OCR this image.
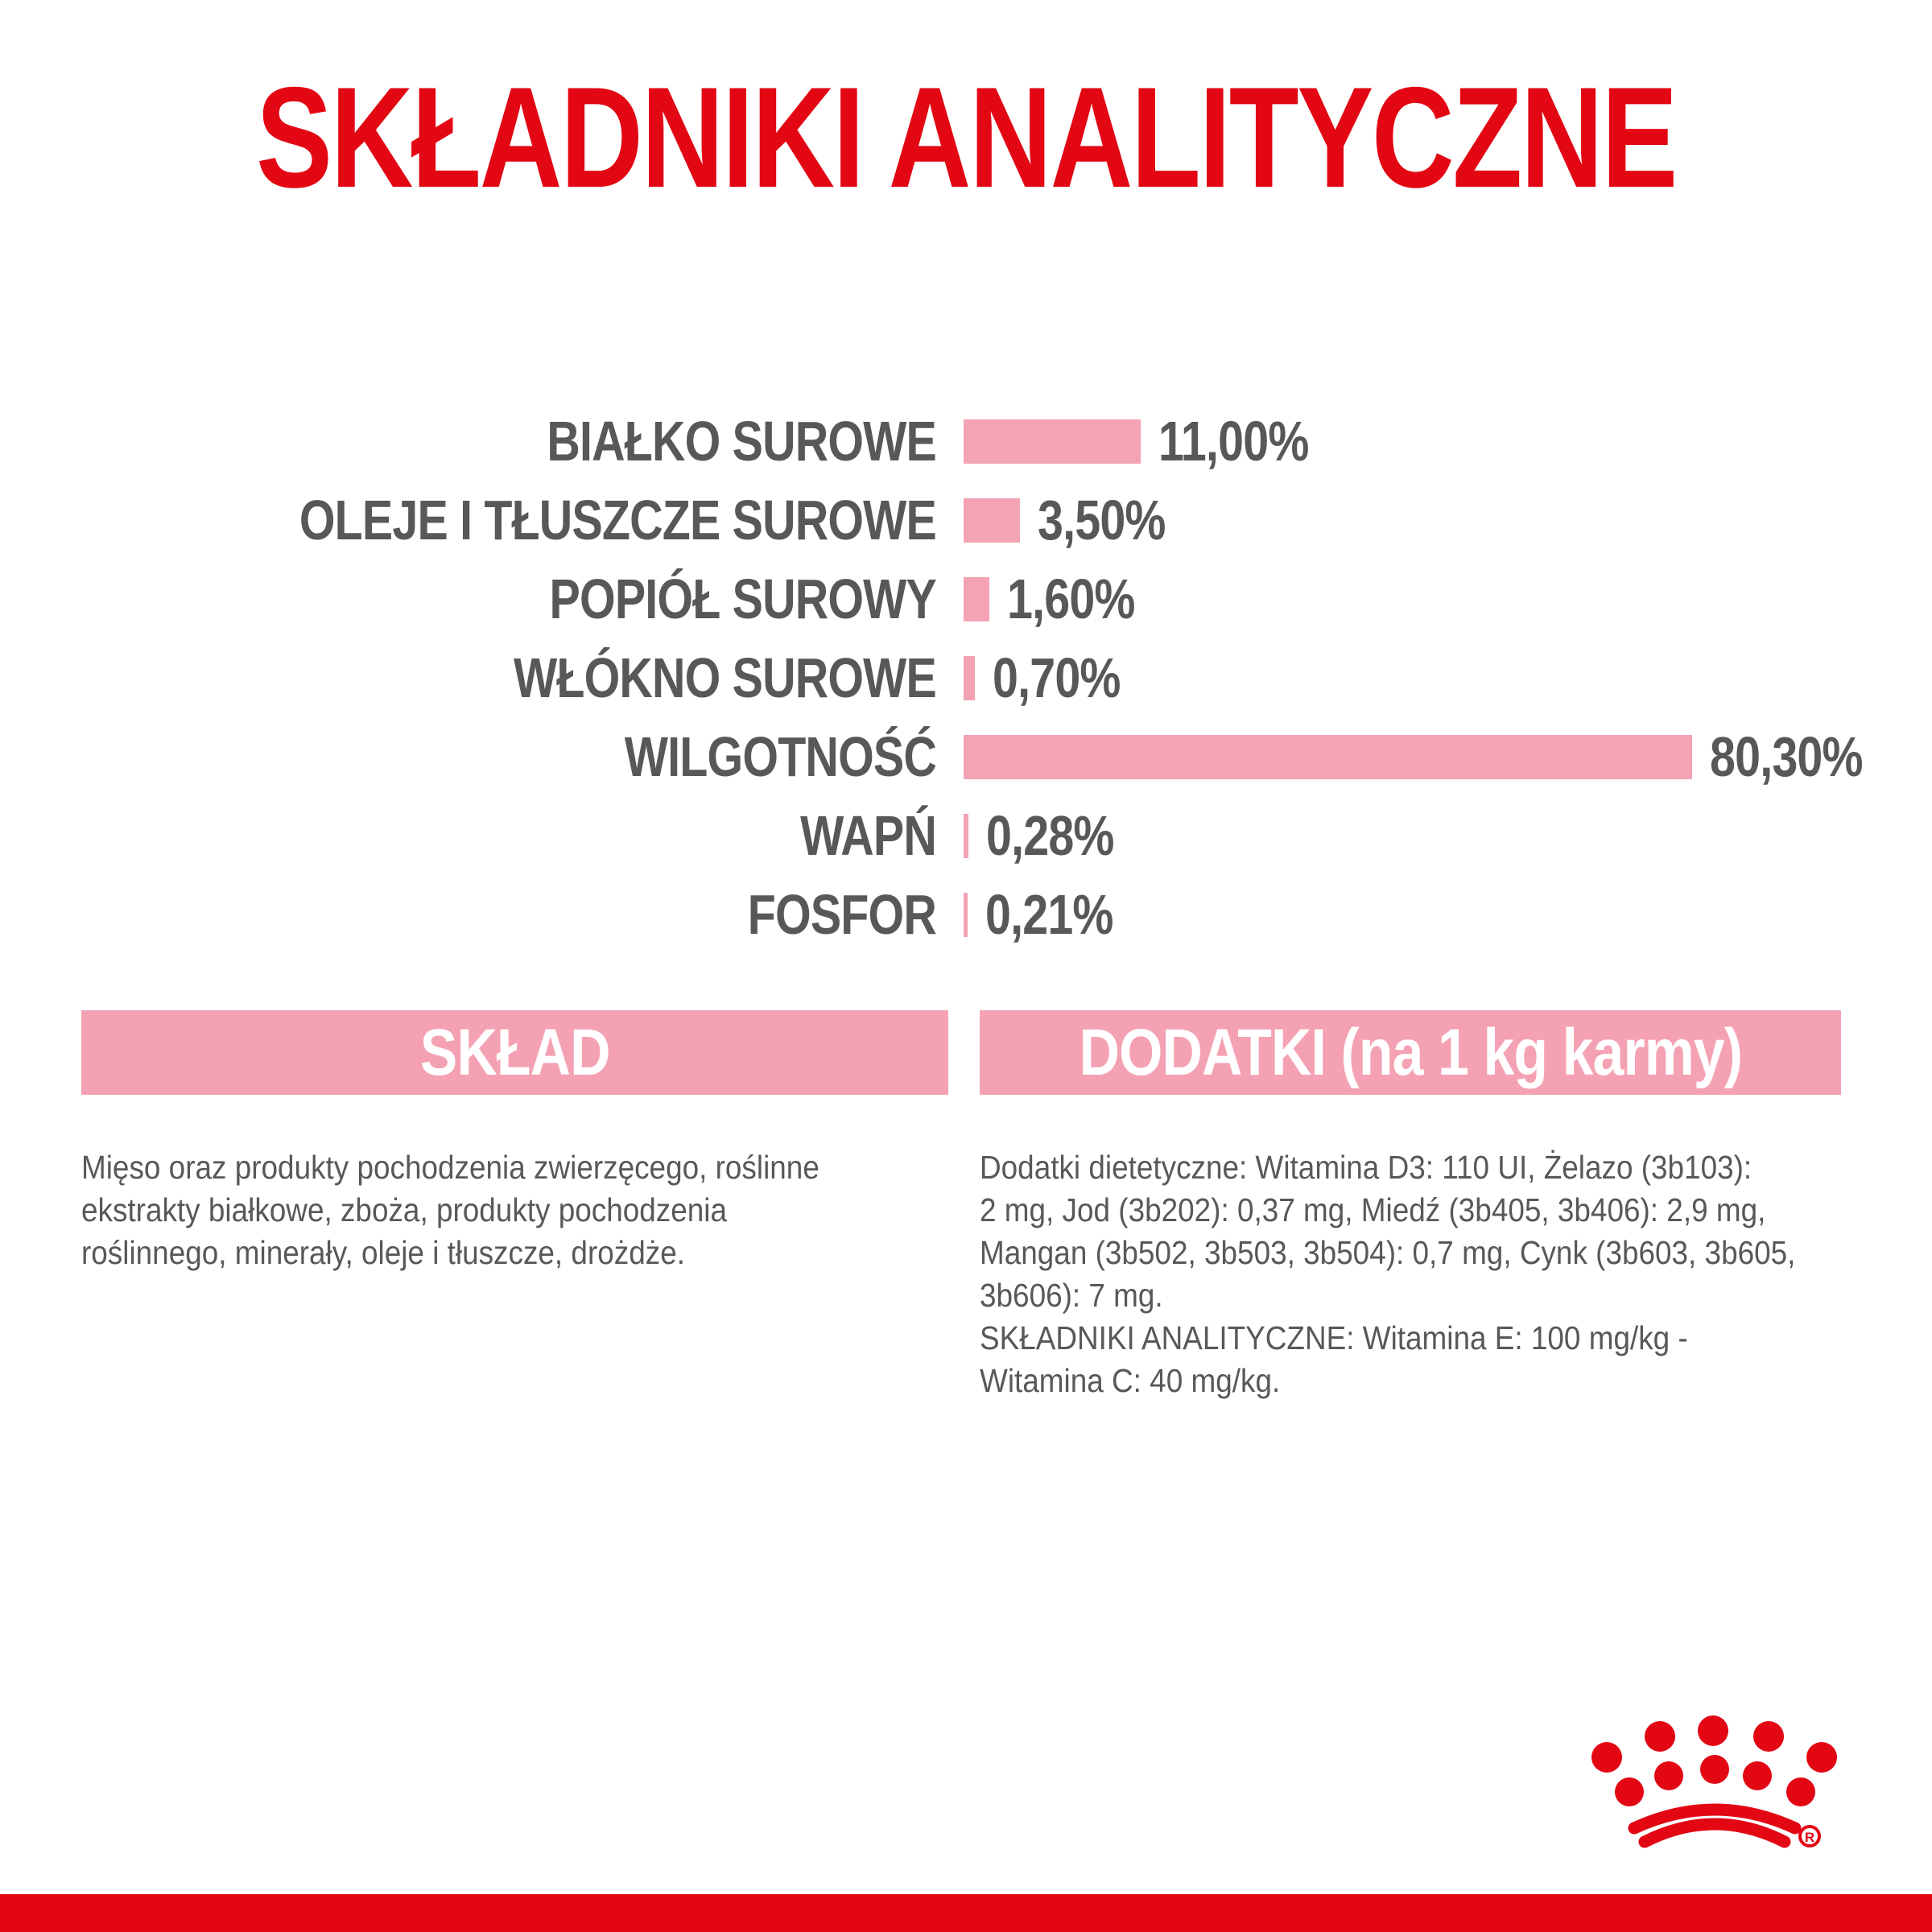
SKŁADNIKI ANALITYCZNE
BIAŁKO SUROWE	11,00%
OLEJE I TŁUSZCZE SUROWE 3,50%
POPIÓŁ SUROWY 1,60%
WŁÓKNO SUROWE 0,70%
WILGOTNOŚĆ	80,30%
WAPŃ 0,28%
FOSFOR 0,21%
SKŁAD
Mięso oraz produkty pochodzenia zwierzęcego, roślinne
ekstrakty białkowe, zboża, produkty pochodzenia
roślinnego, minerały, oleje i tłuszcze, drożdże.
DODATKI (na 1 kg karmy)
Dodatki dietetyczne: Witamina D3: 110 UI, Żelazo (3b103):
2 mg, Jod (3b202): 0,37 mg, Miedź (3b405, 3b406): 2,9 mg,
Mangan (3b502, 3b503, 3b504): 0,7 mg, Cynk (3b603, 3b605,
3b606): 7 mg.
SKŁADNIKI ANALITYCZNE: Witamina E: 100 mg/kg -
Witamina C: 40 mg/kg.
R
